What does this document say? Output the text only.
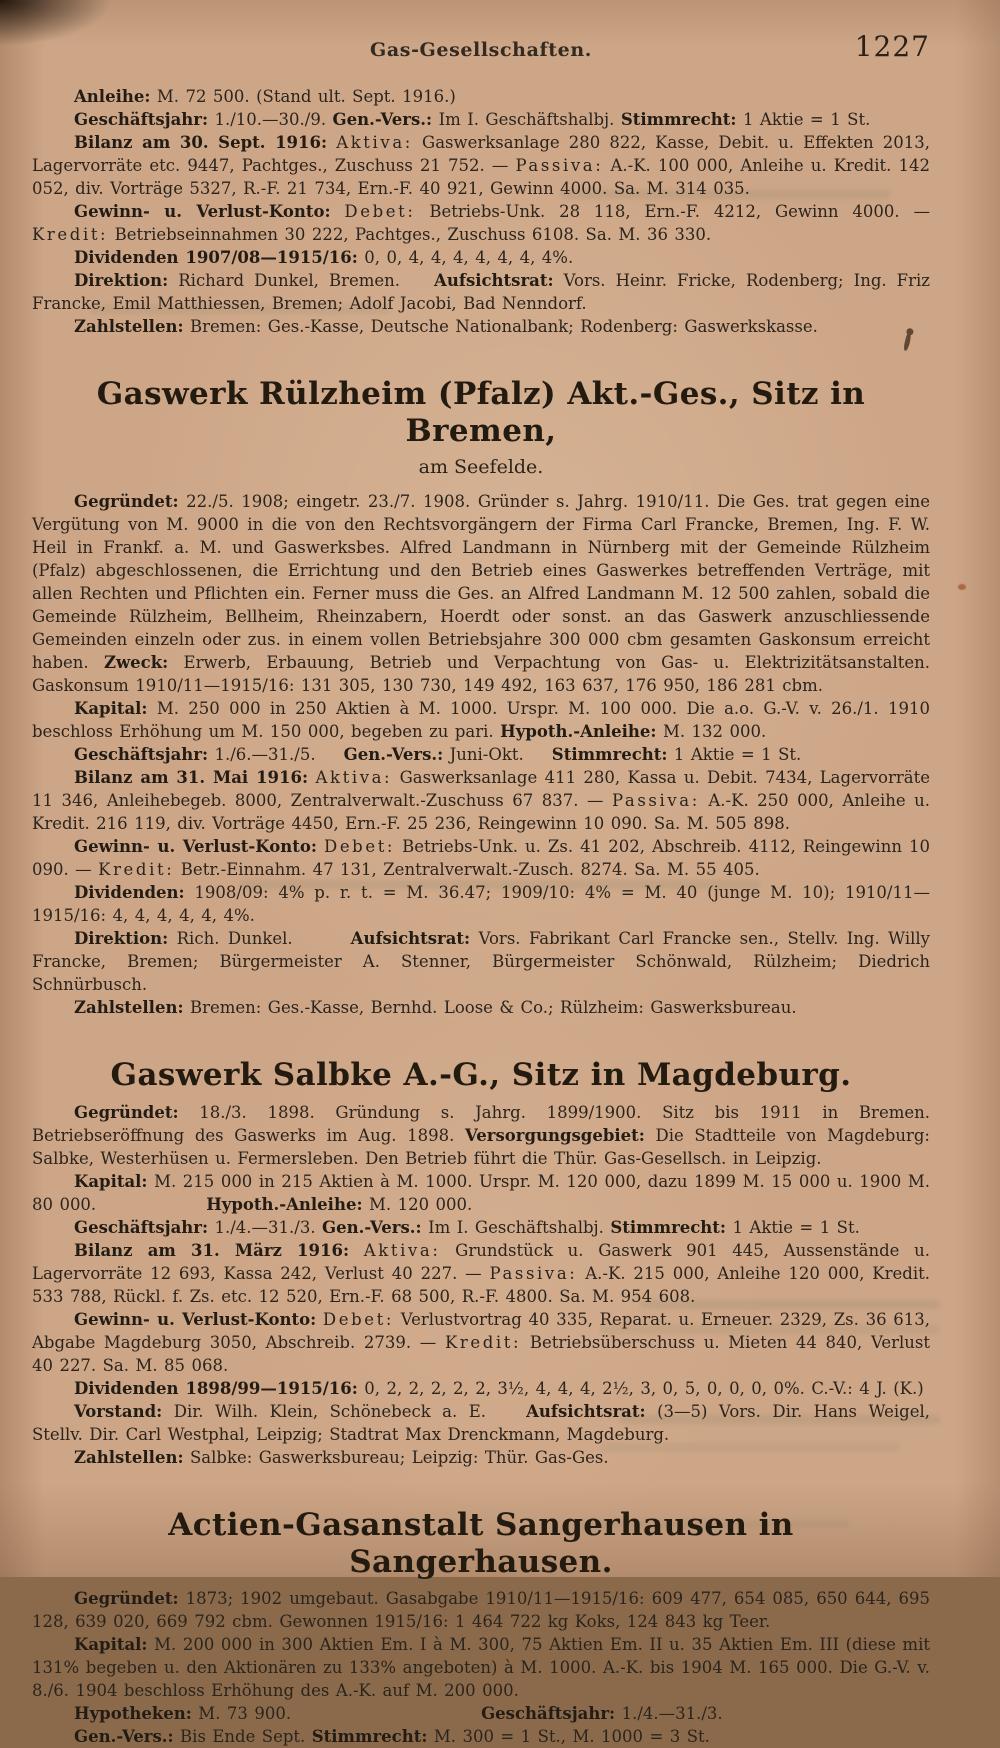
Gas-Gesellschaften.	1227

Anleihe: M. 72 500. (Stand ult. Sept. 1916.)

Geschäftsjahr: 1./10.—30./9. Gen.-Vers.: Im I. Geschäftshalbj. Stimmrecht: 1 Aktie = 1 St.

Bilanz am 30. Sept. 1916: Aktiva: Gaswerksanlage 280 822, Kasse, Debit. u. Effekten 2013, Lagervorräte etc. 9447, Pachtges., Zuschuss 21 752. — Passiva: A.-K. 100 000, Anleihe u. Kredit. 142 052, div. Vorträge 5327, R.-F. 21 734, Ern.-F. 40 921, Gewinn 4000. Sa. M. 314 035.

Gewinn- u. Verlust-Konto: Debet: Betriebs-Unk. 28 118, Ern.-F. 4212, Gewinn 4000. — Kredit: Betriebseinnahmen 30 222, Pachtges., Zuschuss 6108. Sa. M. 36 330.

Dividenden 1907/08—1915/16: 0, 0, 4, 4, 4, 4, 4, 4, 4%.

Direktion: Richard Dunkel, Bremen. Aufsichtsrat: Vors. Heinr. Fricke, Rodenberg; Ing. Friz Francke, Emil Matthiessen, Bremen; Adolf Jacobi, Bad Nenndorf.

Zahlstellen: Bremen: Ges.-Kasse, Deutsche Nationalbank; Rodenberg: Gaswerkskasse.

Gaswerk Rülzheim (Pfalz) Akt.-Ges., Sitz in Bremen,

am Seefelde.

Gegründet: 22./5. 1908; eingetr. 23./7. 1908. Gründer s. Jahrg. 1910/11. Die Ges. trat gegen eine Vergütung von M. 9000 in die von den Rechtsvorgängern der Firma Carl Francke, Bremen, Ing. F. W. Heil in Frankf. a. M. und Gaswerksbes. Alfred Landmann in Nürnberg mit der Gemeinde Rülzheim (Pfalz) abgeschlossenen, die Errichtung und den Betrieb eines Gaswerkes betreffenden Verträge, mit allen Rechten und Pflichten ein. Ferner muss die Ges. an Alfred Landmann M. 12 500 zahlen, sobald die Gemeinde Rülzheim, Bellheim, Rheinzabern, Hoerdt oder sonst. an das Gaswerk anzuschliessende Gemeinden einzeln oder zus. in einem vollen Betriebsjahre 300 000 cbm gesamten Gaskonsum erreicht haben. Zweck: Erwerb, Erbauung, Betrieb und Verpachtung von Gas- u. Elektrizitätsanstalten. Gaskonsum 1910/11—1915/16: 131 305, 130 730, 149 492, 163 637, 176 950, 186 281 cbm.

Kapital: M. 250 000 in 250 Aktien à M. 1000. Urspr. M. 100 000. Die a.o. G.-V. v. 26./1. 1910 beschloss Erhöhung um M. 150 000, begeben zu pari. Hypoth.-Anleihe: M. 132 000.

Geschäftsjahr: 1./6.—31./5. Gen.-Vers.: Juni-Okt. Stimmrecht: 1 Aktie = 1 St.

Bilanz am 31. Mai 1916: Aktiva: Gaswerksanlage 411 280, Kassa u. Debit. 7434, Lagervorräte 11 346, Anleihebegeb. 8000, Zentralverwalt.-Zuschuss 67 837. — Passiva: A.-K. 250 000, Anleihe u. Kredit. 216 119, div. Vorträge 4450, Ern.-F. 25 236, Reingewinn 10 090. Sa. M. 505 898.

Gewinn- u. Verlust-Konto: Debet: Betriebs-Unk. u. Zs. 41 202, Abschreib. 4112, Reingewinn 10 090. — Kredit: Betr.-Einnahm. 47 131, Zentralverwalt.-Zusch. 8274. Sa. M. 55 405.

Dividenden: 1908/09: 4% p. r. t. = M. 36.47; 1909/10: 4% = M. 40 (junge M. 10); 1910/11—1915/16: 4, 4, 4, 4, 4, 4%.

Direktion: Rich. Dunkel.	Aufsichtsrat: Vors. Fabrikant Carl Francke sen., Stellv. Ing. Willy Francke, Bremen; Bürgermeister A. Stenner, Bürgermeister Schönwald, Rülzheim; Diedrich Schnürbusch.

Zahlstellen: Bremen: Ges.-Kasse, Bernhd. Loose & Co.; Rülzheim: Gaswerksbureau.

Gaswerk Salbke A.-G., Sitz in Magdeburg.

Gegründet: 18./3. 1898. Gründung s. Jahrg. 1899/1900. Sitz bis 1911 in Bremen. Betriebseröffnung des Gaswerks im Aug. 1898. Versorgungsgebiet: Die Stadtteile von Magdeburg: Salbke, Westerhüsen u. Fermersleben. Den Betrieb führt die Thür. Gas-Gesellsch. in Leipzig.

Kapital: M. 215 000 in 215 Aktien à M. 1000. Urspr. M. 120 000, dazu 1899 M. 15 000 u. 1900 M. 80 000.	Hypoth.-Anleihe: M. 120 000.

Geschäftsjahr: 1./4.—31./3. Gen.-Vers.: Im I. Geschäftshalbj. Stimmrecht: 1 Aktie = 1 St.

Bilanz am 31. März 1916: Aktiva: Grundstück u. Gaswerk 901 445, Aussenstände u. Lagervorräte 12 693, Kassa 242, Verlust 40 227. — Passiva: A.-K. 215 000, Anleihe 120 000, Kredit. 533 788, Rückl. f. Zs. etc. 12 520, Ern.-F. 68 500, R.-F. 4800. Sa. M. 954 608.

Gewinn- u. Verlust-Konto: Debet: Verlustvortrag 40 335, Reparat. u. Erneuer. 2329, Zs. 36 613, Abgabe Magdeburg 3050, Abschreib. 2739. — Kredit: Betriebsüberschuss u. Mieten 44 840, Verlust 40 227. Sa. M. 85 068.

Dividenden 1898/99—1915/16: 0, 2, 2, 2, 2, 2, 3½, 4, 4, 4, 2½, 3, 0, 5, 0, 0, 0, 0%. C.-V.: 4 J. (K.)

Vorstand: Dir. Wilh. Klein, Schönebeck a. E. Aufsichtsrat: (3—5) Vors. Dir. Hans Weigel, Stellv. Dir. Carl Westphal, Leipzig; Stadtrat Max Drenckmann, Magdeburg.

Zahlstellen: Salbke: Gaswerksbureau; Leipzig: Thür. Gas-Ges.

Actien-Gasanstalt Sangerhausen in Sangerhausen.

Gegründet: 1873; 1902 umgebaut. Gasabgabe 1910/11—1915/16: 609 477, 654 085, 650 644, 695 128, 639 020, 669 792 cbm. Gewonnen 1915/16: 1 464 722 kg Koks, 124 843 kg Teer.

Kapital: M. 200 000 in 300 Aktien Em. I à M. 300, 75 Aktien Em. II u. 35 Aktien Em. III (diese mit 131% begeben u. den Aktionären zu 133% angeboten) à M. 1000. A.-K. bis 1904 M. 165 000. Die G.-V. v. 8./6. 1904 beschloss Erhöhung des A.-K. auf M. 200 000.

Hypotheken: M. 73 900.	Geschäftsjahr: 1./4.—31./3.

Gen.-Vers.: Bis Ende Sept. Stimmrecht: M. 300 = 1 St., M. 1000 = 3 St.
